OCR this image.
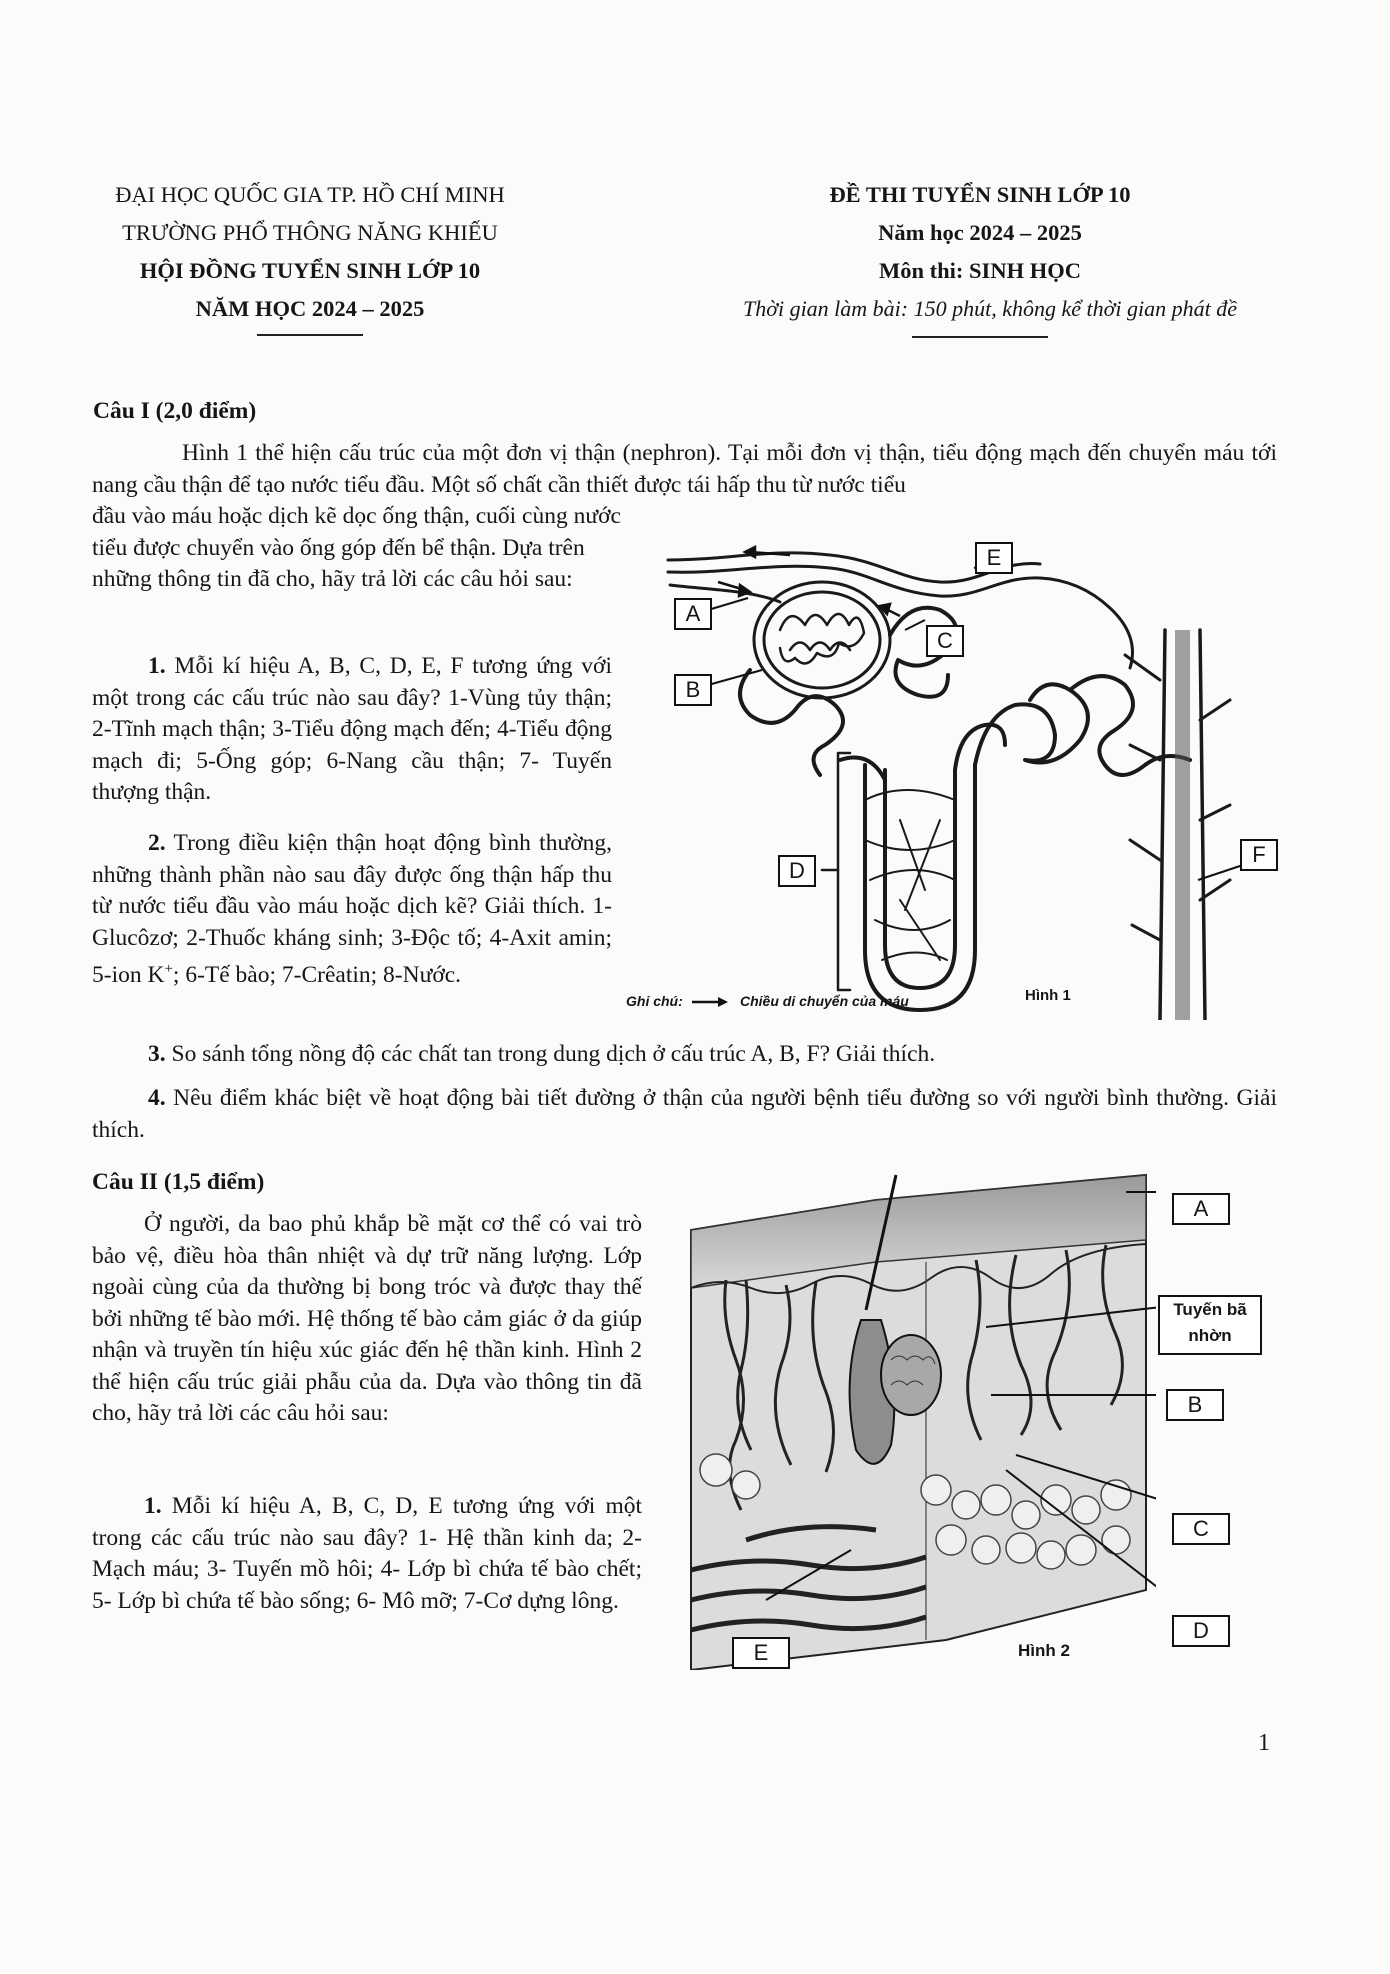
ĐẠI HỌC QUỐC GIA TP. HỒ CHÍ MINH
TRƯỜNG PHỔ THÔNG NĂNG KHIẾU
HỘI ĐỒNG TUYỂN SINH LỚP 10
NĂM HỌC 2024 – 2025
ĐỀ THI TUYỂN SINH LỚP 10
Năm học 2024 – 2025
Môn thi: SINH HỌC
Thời gian làm bài: 150 phút, không kể thời gian phát đề
Câu I (2,0 điểm)
Hình 1 thể hiện cấu trúc của một đơn vị thận (nephron). Tại mỗi đơn vị thận, tiểu động mạch đến chuyển máu tới nang cầu thận để tạo nước tiểu đầu. Một số chất cần thiết được tái hấp thu từ nước tiểu
đầu vào máu hoặc dịch kẽ dọc ống thận, cuối cùng nước tiểu được chuyển vào ống góp đến bể thận. Dựa trên những thông tin đã cho, hãy trả lời các câu hỏi sau:
1. Mỗi kí hiệu A, B, C, D, E, F tương ứng với một trong các cấu trúc nào sau đây? 1-Vùng tủy thận; 2-Tĩnh mạch thận; 3-Tiểu động mạch đến; 4-Tiểu động mạch đi; 5-Ống góp; 6-Nang cầu thận; 7- Tuyến thượng thận.
2. Trong điều kiện thận hoạt động bình thường, những thành phần nào sau đây được ống thận hấp thu từ nước tiểu đầu vào máu hoặc dịch kẽ? Giải thích. 1-Glucôzơ; 2-Thuốc kháng sinh; 3-Độc tố; 4-Axit amin; 5-ion K+; 6-Tế bào; 7-Crêatin; 8-Nước.
3. So sánh tổng nồng độ các chất tan trong dung dịch ở cấu trúc A, B, F? Giải thích.
4. Nêu điểm khác biệt về hoạt động bài tiết đường ở thận của người bệnh tiểu đường so với người bình thường. Giải thích.
A
B
C
D
E
F
Ghi chú:	Chiều di chuyển của máu	Hình 1
Câu II (1,5 điểm)
Ở người, da bao phủ khắp bề mặt cơ thể có vai trò bảo vệ, điều hòa thân nhiệt và dự trữ năng lượng. Lớp ngoài cùng của da thường bị bong tróc và được thay thế bởi những tế bào mới. Hệ thống tế bào cảm giác ở da giúp nhận và truyền tín hiệu xúc giác đến hệ thần kinh. Hình 2 thể hiện cấu trúc giải phẫu của da. Dựa vào thông tin đã cho, hãy trả lời các câu hỏi sau:
1. Mỗi kí hiệu A, B, C, D, E tương ứng với một trong các cấu trúc nào sau đây? 1- Hệ thần kinh da; 2- Mạch máu; 3- Tuyến mồ hôi; 4- Lớp bì chứa tế bào chết; 5- Lớp bì chứa tế bào sống; 6- Mô mỡ; 7-Cơ dựng lông.
A
B
C
D
E
Tuyến bã
nhờn
Hình 2
1
